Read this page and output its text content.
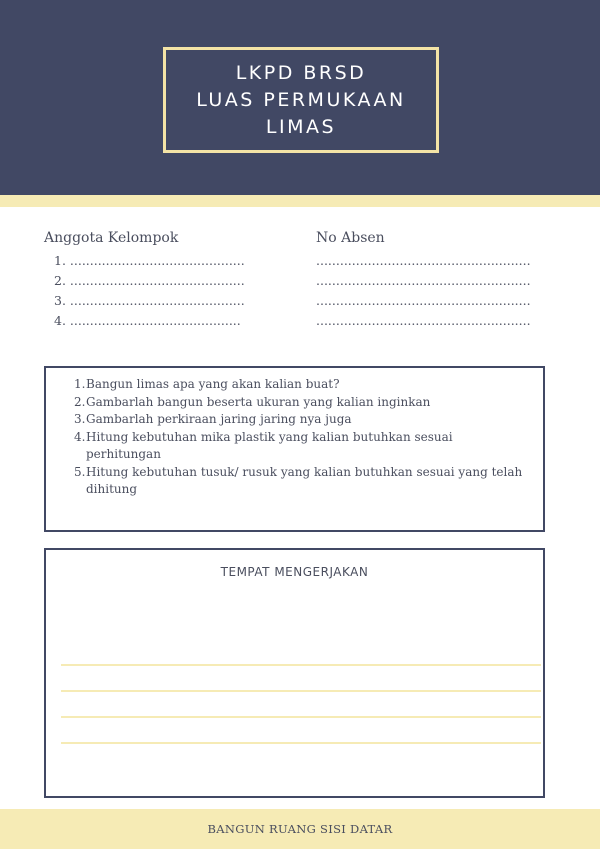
LKPD BRSD
LUAS PERMUKAAN
LIMAS
Anggota Kelompok
1. ............................................
2. ............................................
3. ............................................
4. ...........................................
No Absen
......................................................
......................................................
......................................................
......................................................
1. Bangun limas apa yang akan kalian buat?
2. Gambarlah bangun beserta ukuran yang kalian inginkan
3. Gambarlah perkiraan jaring jaring nya juga
4. Hitung kebutuhan mika plastik yang kalian butuhkan sesuai perhitungan
5. Hitung kebutuhan tusuk/ rusuk yang kalian butuhkan sesuai yang telah dihitung
TEMPAT MENGERJAKAN
BANGUN RUANG SISI DATAR
